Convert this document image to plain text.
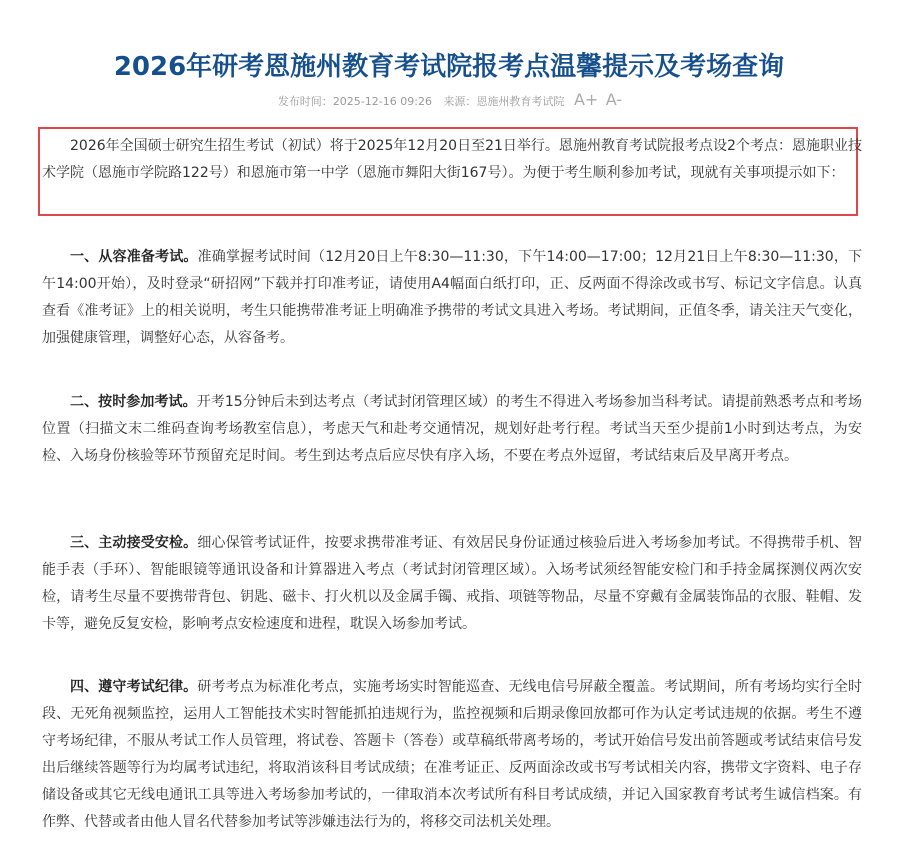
2026年研考恩施州教育考试院报考点温馨提示及考场查询
发布时间：2025-12-16 09:26 来源：恩施州教育考试院 A+ A-
2026年全国硕士研究生招生考试（初试）将于2025年12月20日至21日举行。恩施州教育考试院报考点设2个考点：恩施职业技术学院（恩施市学院路122号）和恩施市第一中学（恩施市舞阳大街167号）。为便于考生顺利参加考试，现就有关事项提示如下：
一、从容准备考试。准确掌握考试时间（12月20日上午8:30—11:30，下午14:00—17:00；12月21日上午8:30—11:30，下午14:00开始），及时登录“研招网”下载并打印准考证，请使用A4幅面白纸打印，正、反两面不得涂改或书写、标记文字信息。认真查看《准考证》上的相关说明，考生只能携带准考证上明确准予携带的考试文具进入考场。考试期间，正值冬季，请关注天气变化，加强健康管理，调整好心态，从容备考。
二、按时参加考试。开考15分钟后未到达考点（考试封闭管理区域）的考生不得进入考场参加当科考试。请提前熟悉考点和考场位置（扫描文末二维码查询考场教室信息），考虑天气和赴考交通情况，规划好赴考行程。考试当天至少提前1小时到达考点，为安检、入场身份核验等环节预留充足时间。考生到达考点后应尽快有序入场，不要在考点外逗留，考试结束后及早离开考点。
三、主动接受安检。细心保管考试证件，按要求携带准考证、有效居民身份证通过核验后进入考场参加考试。不得携带手机、智能手表（手环）、智能眼镜等通讯设备和计算器进入考点（考试封闭管理区域）。入场考试须经智能安检门和手持金属探测仪两次安检，请考生尽量不要携带背包、钥匙、磁卡、打火机以及金属手镯、戒指、项链等物品，尽量不穿戴有金属装饰品的衣服、鞋帽、发卡等，避免反复安检，影响考点安检速度和进程，耽误入场参加考试。
四、遵守考试纪律。研考考点为标准化考点，实施考场实时智能巡查、无线电信号屏蔽全覆盖。考试期间，所有考场均实行全时段、无死角视频监控，运用人工智能技术实时智能抓拍违规行为，监控视频和后期录像回放都可作为认定考试违规的依据。考生不遵守考场纪律，不服从考试工作人员管理，将试卷、答题卡（答卷）或草稿纸带离考场的，考试开始信号发出前答题或考试结束信号发出后继续答题等行为均属考试违纪，将取消该科目考试成绩；在准考证正、反两面涂改或书写考试相关内容，携带文字资料、电子存储设备或其它无线电通讯工具等进入考场参加考试的，一律取消本次考试所有科目考试成绩，并记入国家教育考试考生诚信档案。有作弊、代替或者由他人冒名代替参加考试等涉嫌违法行为的，将移交司法机关处理。
